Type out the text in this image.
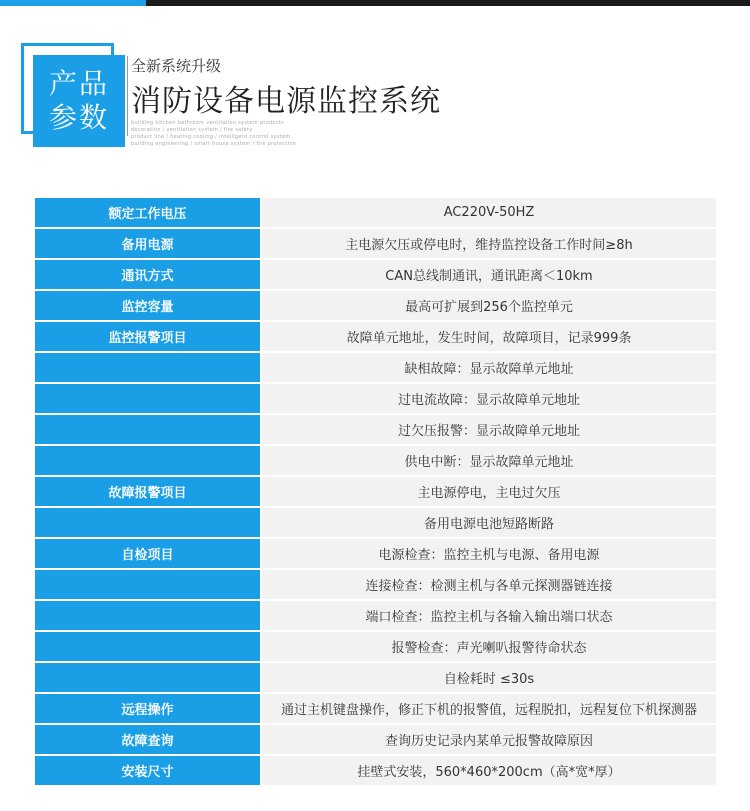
产品
参数
全新系统升级
消防设备电源监控系统
building kitchen bathroom ventilation system products
decoration / ventilation system / fire safety
product line / heating cooling / intelligent control system
building engineering / smart house system / fire protection
额定工作电压	AC220V-50HZ
备用电源	主电源欠压或停电时，维持监控设备工作时间≥8h
通讯方式	CAN总线制通讯，通讯距离＜10km
监控容量	最高可扩展到256个监控单元
监控报警项目	故障单元地址，发生时间，故障项目，记录999条
	缺相故障：显示故障单元地址
	过电流故障：显示故障单元地址
	过欠压报警：显示故障单元地址
	供电中断：显示故障单元地址
故障报警项目	主电源停电，主电过欠压
	备用电源电池短路断路
自检项目	电源检查：监控主机与电源、备用电源
	连接检查：检测主机与各单元探测器链连接
	端口检查：监控主机与各输入输出端口状态
	报警检查：声光喇叭报警待命状态
	自检耗时 ≤30s
远程操作	通过主机键盘操作，修正下机的报警值，远程脱扣，远程复位下机探测器
故障查询	查询历史记录内某单元报警故障原因
安装尺寸	挂壁式安装，560*460*200cm（高*宽*厚）
